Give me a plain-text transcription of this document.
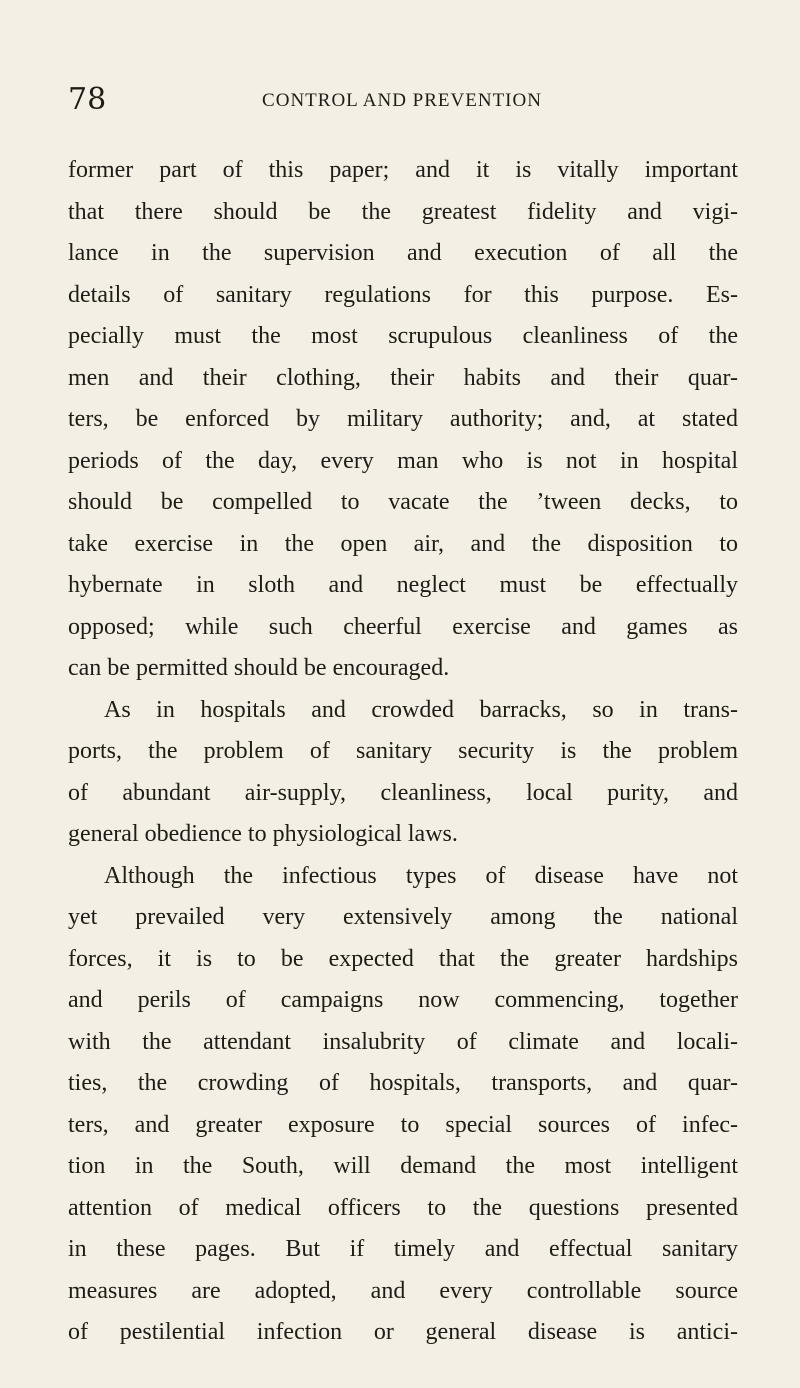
78	CONTROL AND PREVENTION
former part of this paper; and it is vitally important
that there should be the greatest fidelity and vigi-
lance in the supervision and execution of all the
details of sanitary regulations for this purpose. Es-
pecially must the most scrupulous cleanliness of the
men and their clothing, their habits and their quar-
ters, be enforced by military authority; and, at stated
periods of the day, every man who is not in hospital
should be compelled to vacate the ’tween decks, to
take exercise in the open air, and the disposition to
hybernate in sloth and neglect must be effectually
opposed; while such cheerful exercise and games as
can be permitted should be encouraged.
As in hospitals and crowded barracks, so in trans-
ports, the problem of sanitary security is the problem
of abundant air-supply, cleanliness, local purity, and
general obedience to physiological laws.
Although the infectious types of disease have not
yet prevailed very extensively among the national
forces, it is to be expected that the greater hardships
and perils of campaigns now commencing, together
with the attendant insalubrity of climate and locali-
ties, the crowding of hospitals, transports, and quar-
ters, and greater exposure to special sources of infec-
tion in the South, will demand the most intelligent
attention of medical officers to the questions presented
in these pages. But if timely and effectual sanitary
measures are adopted, and every controllable source
of pestilential infection or general disease is antici-
